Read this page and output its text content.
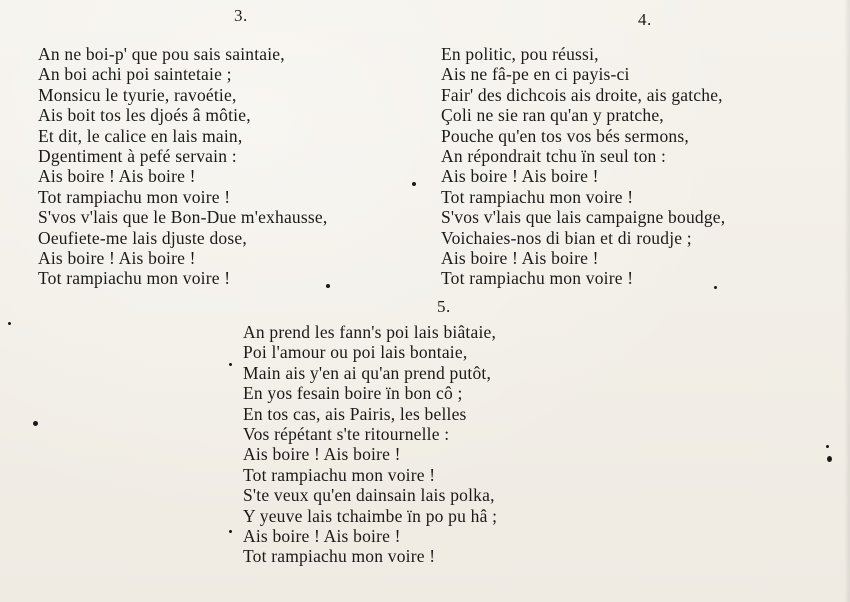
3.
An ne boi-p' que pou sais saintaie,
An boi achi poi saintetaie ;
Monsicu le tyurie, ravoétie,
Ais boit tos les djoés â môtie,
Et dit, le calice en lais main,
Dgentiment à pefé servain :
Ais boire ! Ais boire !
Tot rampiachu mon voire !
S'vos v'lais que le Bon-Due m'exhausse,
Oeufiete-me lais djuste dose,
Ais boire ! Ais boire !
Tot rampiachu mon voire !
4.
En politic, pou réussi,
Ais ne fâ-pe en ci payis-ci
Fair' des dichcois ais droite, ais gatche,
Çoli ne sie ran qu'an y pratche,
Pouche qu'en tos vos bés sermons,
An répondrait tchu ïn seul ton :
Ais boire ! Ais boire !
Tot rampiachu mon voire !
S'vos v'lais que lais campaigne boudge,
Voichaies-nos di bian et di roudje ;
Ais boire ! Ais boire !
Tot rampiachu mon voire !
5.
An prend les fann's poi lais biâtaie,
Poi l'amour ou poi lais bontaie,
Main ais y'en ai qu'an prend putôt,
En yos fesain boire ïn bon cô ;
En tos cas, ais Pairis, les belles
Vos répétant s'te ritournelle :
Ais boire ! Ais boire !
Tot rampiachu mon voire !
S'te veux qu'en dainsain lais polka,
Y yeuve lais tchaimbe ïn po pu hâ ;
Ais boire ! Ais boire !
Tot rampiachu mon voire !
